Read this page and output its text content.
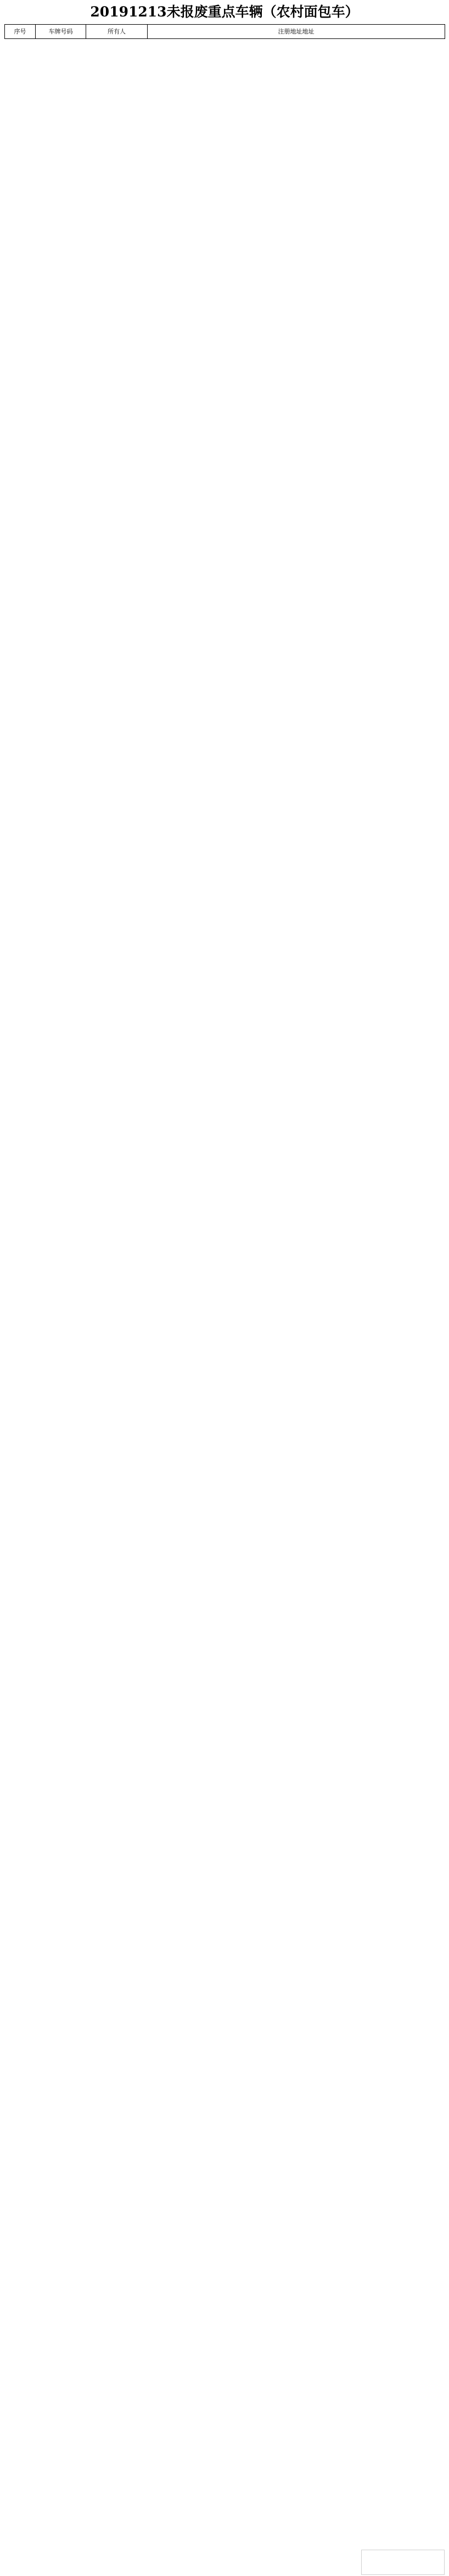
20191213未报废重点车辆（农村面包车）
序号	车牌号码	所有人	注册地址地址
